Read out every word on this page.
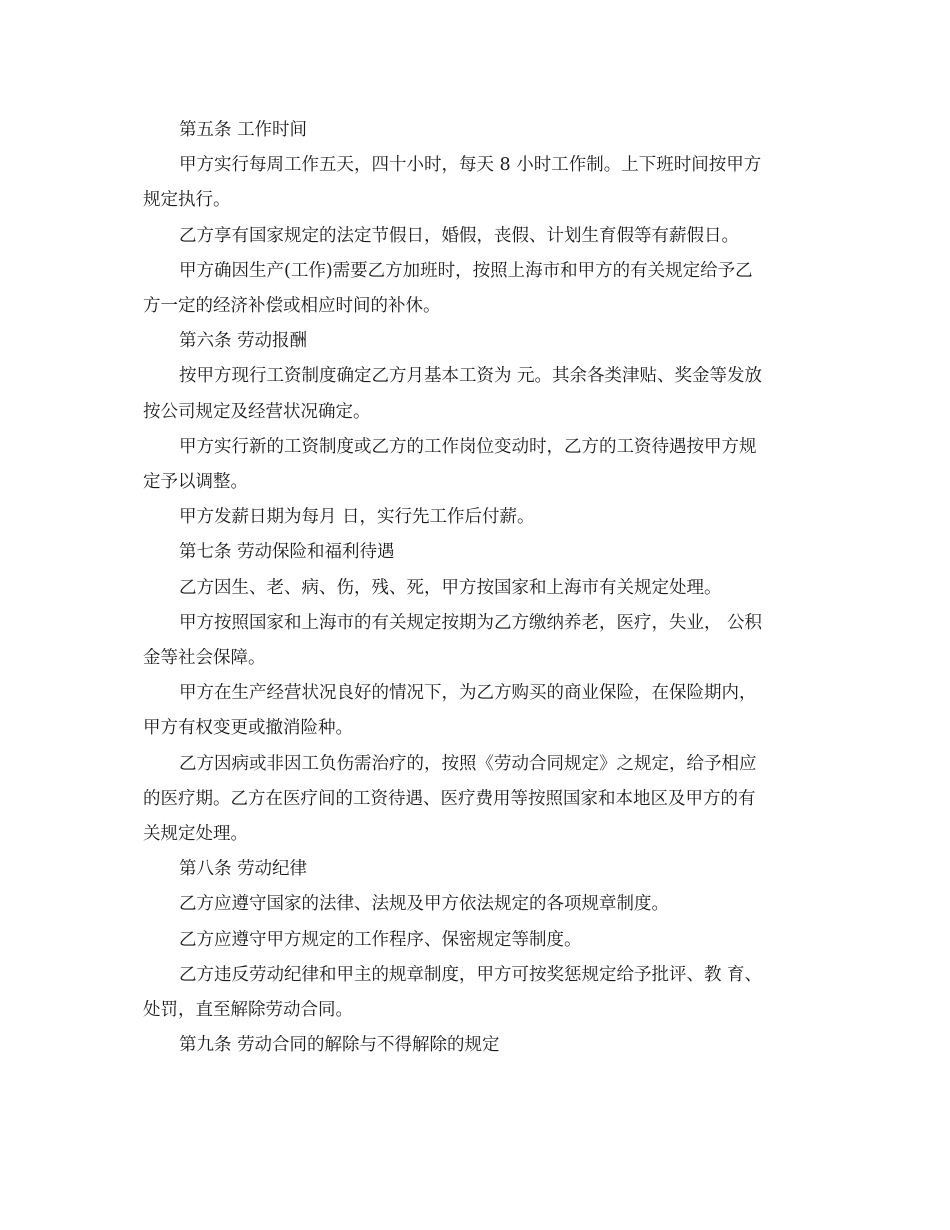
第五条 工作时间
甲方实行每周工作五天，四十小时，每天 8 小时工作制。上下班时间按甲方
规定执行。
乙方享有国家规定的法定节假日，婚假，丧假、计划生育假等有薪假日。
甲方确因生产(工作)需要乙方加班时，按照上海市和甲方的有关规定给予乙
方一定的经济补偿或相应时间的补休。
第六条 劳动报酬
按甲方现行工资制度确定乙方月基本工资为 元。其余各类津贴、奖金等发放
按公司规定及经营状况确定。
甲方实行新的工资制度或乙方的工作岗位变动时，乙方的工资待遇按甲方规
定予以调整。
甲方发薪日期为每月 日，实行先工作后付薪。
第七条 劳动保险和福利待遇
乙方因生、老、病、伤，残、死，甲方按国家和上海市有关规定处理。
甲方按照国家和上海市的有关规定按期为乙方缴纳养老，医疗，失业， 公积
金等社会保障。
甲方在生产经营状况良好的情况下，为乙方购买的商业保险，在保险期内，
甲方有权变更或撤消险种。
乙方因病或非因工负伤需治疗的，按照《劳动合同规定》之规定，给予相应
的医疗期。乙方在医疗间的工资待遇、医疗费用等按照国家和本地区及甲方的有
关规定处理。
第八条 劳动纪律
乙方应遵守国家的法律、法规及甲方依法规定的各项规章制度。
乙方应遵守甲方规定的工作程序、保密规定等制度。
乙方违反劳动纪律和甲主的规章制度，甲方可按奖惩规定给予批评、教 育、
处罚，直至解除劳动合同。
第九条 劳动合同的解除与不得解除的规定
